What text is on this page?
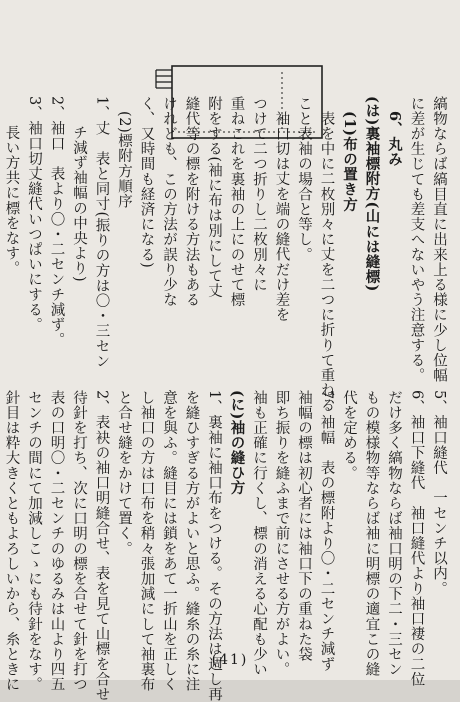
縞物ならば縞目直に出来上る様に少し位幅
に差が生じても差支へないやう注意する。
6、丸み
(は)裏袖標附方(山には縫標)
(1)布の置き方
表を中に二枚別々に丈を二つに折りて重ねる
こと表袖の場合と等し。
袖口切は丈を端の縫代だけ差を
つけて二つ折りし二枚別々に
重ねこれを裏袖の上にのせて標
附をする(袖に布は別にして丈
縫代等の標を附ける方法もある
けれども、この方法が誤り少な
く、又時間も経済になる)
(2)標附方順序
1、丈　表と同寸(振りの方は〇・三セン
チ減ず袖幅の中央より)
2、袖口　表より〇・二センチ減ず。
3、袖口切丈縫代いつぱいにする。
長い方共に標をなす。
5、袖口縫代　一センチ以内。
6、袖口下縫代　袖口縫代より袖口褄の二位
だけ多く縞物ならば袖口明の下二・三セン
もの模様物等ならば袖に明標の適宜この縫
代を定める。
7、袖幅　表の標附より〇・二センチ減ず
袖幅の標は初心者には袖口下の重ねた袋
即ち振りを縫ふまで前にさせる方がよい。
袖も正確に行くし、標の消える心配も少い
(に)袖の縫ひ方
1、裏袖に袖口布をつける。その方法は週し再
を縫ひすぎる方がよいと思ふ。縫糸の糸に注
意を與ふ。縫目には鎖をあて一折山を正しく
し袖口の方は口布を稍々張加減にして袖裏布
と合せ縫をかけて置く。
2、表袂の袖口明縫合せ、表を見て山標を合せ
待針を打ち、次に口明の標を合せて針を打つ
表の口明〇・二センチのゆるみは山より四五
センチの間にて加減しこゝにも待針をなす。
針目は粋大きくともよろしいから、糸ときに	(41)
